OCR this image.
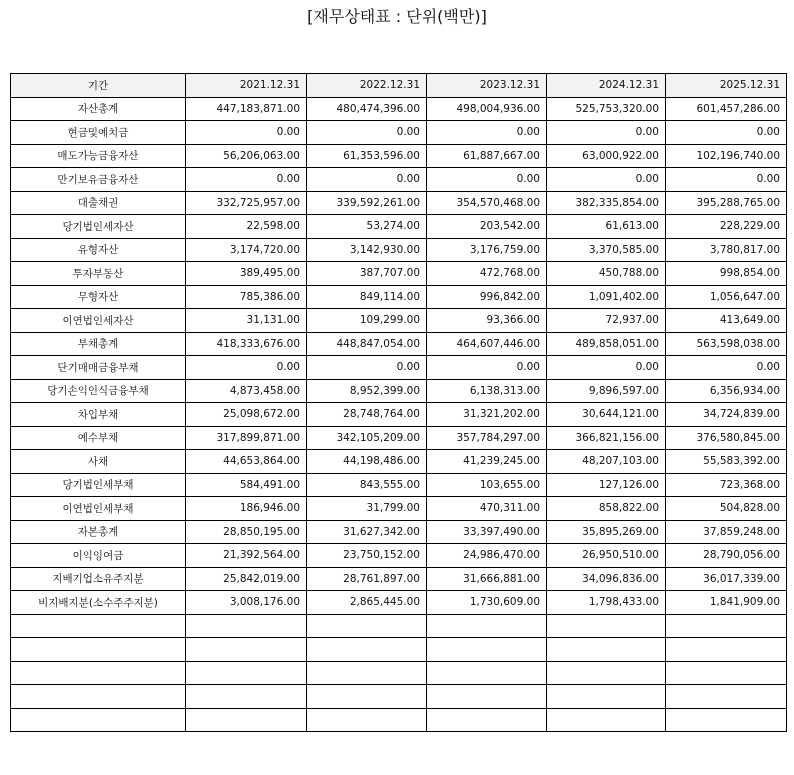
[재무상태표 : 단위(백만)]
기간	2021.12.31	2022.12.31	2023.12.31	2024.12.31	2025.12.31
자산총계	447,183,871.00	480,474,396.00	498,004,936.00	525,753,320.00	601,457,286.00
현금및예치금	0.00	0.00	0.00	0.00	0.00
매도가능금융자산	56,206,063.00	61,353,596.00	61,887,667.00	63,000,922.00	102,196,740.00
만기보유금융자산	0.00	0.00	0.00	0.00	0.00
대출채권	332,725,957.00	339,592,261.00	354,570,468.00	382,335,854.00	395,288,765.00
당기법인세자산	22,598.00	53,274.00	203,542.00	61,613.00	228,229.00
유형자산	3,174,720.00	3,142,930.00	3,176,759.00	3,370,585.00	3,780,817.00
투자부동산	389,495.00	387,707.00	472,768.00	450,788.00	998,854.00
무형자산	785,386.00	849,114.00	996,842.00	1,091,402.00	1,056,647.00
이연법인세자산	31,131.00	109,299.00	93,366.00	72,937.00	413,649.00
부채총계	418,333,676.00	448,847,054.00	464,607,446.00	489,858,051.00	563,598,038.00
단기매매금융부채	0.00	0.00	0.00	0.00	0.00
당기손익인식금융부채	4,873,458.00	8,952,399.00	6,138,313.00	9,896,597.00	6,356,934.00
차입부채	25,098,672.00	28,748,764.00	31,321,202.00	30,644,121.00	34,724,839.00
예수부채	317,899,871.00	342,105,209.00	357,784,297.00	366,821,156.00	376,580,845.00
사채	44,653,864.00	44,198,486.00	41,239,245.00	48,207,103.00	55,583,392.00
당기법인세부채	584,491.00	843,555.00	103,655.00	127,126.00	723,368.00
이연법인세부채	186,946.00	31,799.00	470,311.00	858,822.00	504,828.00
자본총계	28,850,195.00	31,627,342.00	33,397,490.00	35,895,269.00	37,859,248.00
이익잉여금	21,392,564.00	23,750,152.00	24,986,470.00	26,950,510.00	28,790,056.00
지배기업소유주지분	25,842,019.00	28,761,897.00	31,666,881.00	34,096,836.00	36,017,339.00
비지배지분(소수주주지분)	3,008,176.00	2,865,445.00	1,730,609.00	1,798,433.00	1,841,909.00
